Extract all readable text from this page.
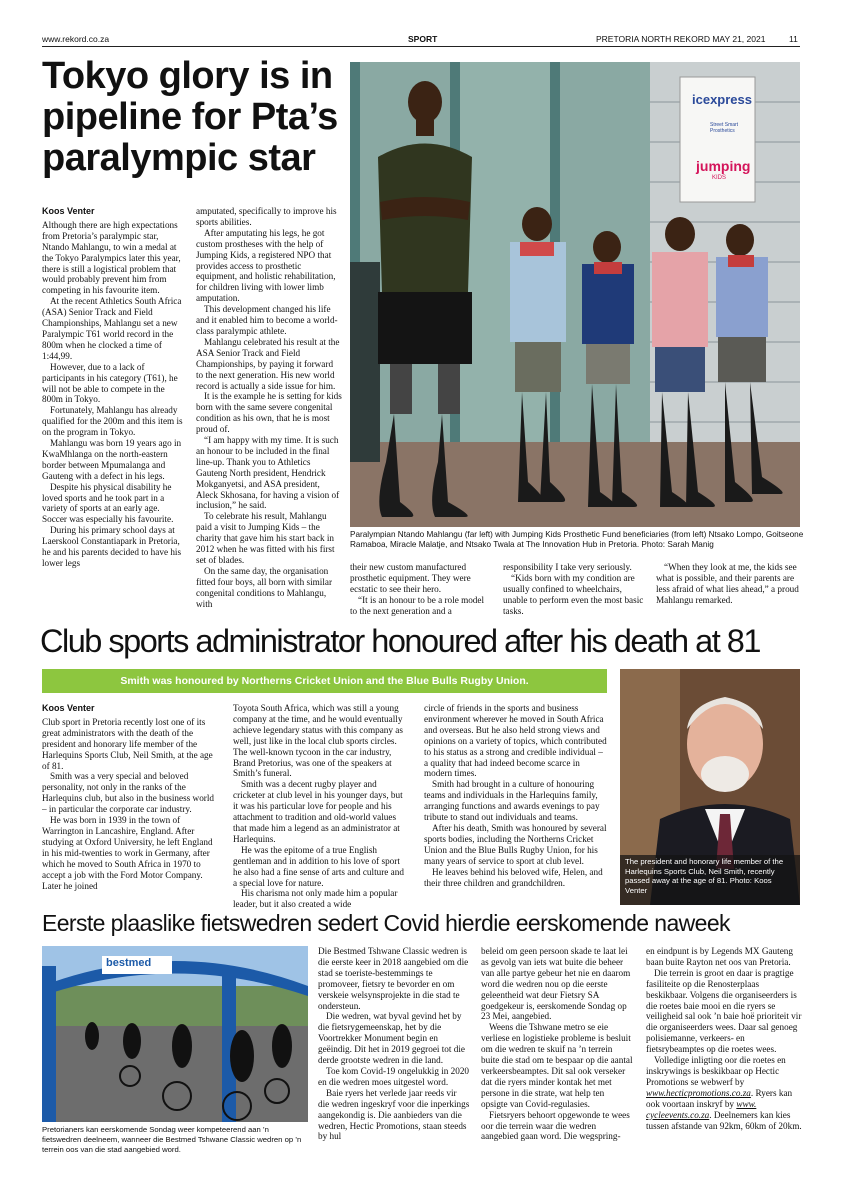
www.rekord.co.za	SPORT	PRETORIA NORTH REKORD MAY 21, 2021	11
Tokyo glory is in pipeline for Pta’s paralympic star
Koos Venter

Although there are high expectations from Pretoria’s paralympic star, Ntando Mahlangu, to win a medal at the Tokyo Paralympics later this year, there is still a logistical problem that would probably prevent him from competing in his favourite item.

At the recent Athletics South Africa (ASA) Senior Track and Field Championships, Mahlangu set a new Paralympic T61 world record in the 800m when he clocked a time of 1:44,99.

However, due to a lack of participants in his category (T61), he will not be able to compete in the 800m in Tokyo.

Fortunately, Mahlangu has already qualified for the 200m and this item is on the program in Tokyo.

Mahlangu was born 19 years ago in KwaMhlanga on the north-eastern border between Mpumalanga and Gauteng with a defect in his legs.

Despite his physical disability he loved sports and he took part in a variety of sports at an early age. Soccer was especially his favourite.

During his primary school days at Laerskool Constantiapark in Pretoria, he and his parents decided to have his lower legs

amputated, specifically to improve his sports abilities.

After amputating his legs, he got custom prostheses with the help of Jumping Kids, a registered NPO that provides access to prosthetic equipment, and holistic rehabilitation, for children living with lower limb amputation.

This development changed his life and it enabled him to become a world-class paralympic athlete.

Mahlangu celebrated his result at the ASA Senior Track and Field Championships, by paying it forward to the next generation. His new world record is actually a side issue for him.

It is the example he is setting for kids born with the same severe congenital condition as his own, that he is most proud of.

“I am happy with my time. It is such an honour to be included in the final line-up. Thank you to Athletics Gauteng North president, Hendrick Mokganyetsi, and ASA president, Aleck Skhosana, for having a vision of inclusion,” he said.

To celebrate his result, Mahlangu paid a visit to Jumping Kids – the charity that gave him his start back in 2012 when he was fitted with his first set of blades.

On the same day, the organisation fitted four boys, all born with similar congenital conditions to Mahlangu, with

icexpress
Street Smart
Prosthetics
jumping
KIDS
Paralympian Ntando Mahlangu (far left) with Jumping Kids Prosthetic Fund beneficiaries (from left) Ntsako Lompo, Goitseone Ramaboa, Miracle Malatje, and Ntsako Twala at The Innovation Hub in Pretoria. Photo: Sarah Manig

their new custom manufactured prosthetic equipment. They were ecstatic to see their hero.

“It is an honour to be a role model to the next generation and a

responsibility I take very seriously.

“Kids born with my condition are usually confined to wheelchairs, unable to perform even the most basic tasks.

“When they look at me, the kids see what is possible, and their parents are less afraid of what lies ahead,” a proud Mahlangu remarked.

Club sports administrator honoured after his death at 81
Smith was honoured by Northerns Cricket Union and the Blue Bulls Rugby Union.
Koos Venter

Club sport in Pretoria recently lost one of its great administrators with the death of the president and honorary life member of the Harlequins Sports Club, Neil Smith, at the age of 81.

Smith was a very special and beloved personality, not only in the ranks of the Harlequins club, but also in the business world – in particular the corporate car industry.

He was born in 1939 in the town of Warrington in Lancashire, England. After studying at Oxford University, he left England in his mid-twenties to work in Germany, after which he moved to South Africa in 1970 to accept a job with the Ford Motor Company. Later he joined

Toyota South Africa, which was still a young company at the time, and he would eventually achieve legendary status with this company as well, just like in the local club sports circles. The well-known tycoon in the car industry, Brand Pretorius, was one of the speakers at Smith’s funeral.

Smith was a decent rugby player and cricketer at club level in his younger days, but it was his particular love for people and his attachment to tradition and old-world values that made him a legend as an administrator at Harlequins.

He was the epitome of a true English gentleman and in addition to his love of sport he also had a fine sense of arts and culture and a special love for nature.

His charisma not only made him a popular leader, but it also created a wide

circle of friends in the sports and business environment wherever he moved in South Africa and overseas. But he also held strong views and opinions on a variety of topics, which contributed to his status as a strong and credible individual – a quality that had indeed become scarce in modern times.

Smith had brought in a culture of honouring teams and individuals in the Harlequins family, arranging functions and awards evenings to pay tribute to stand out individuals and teams.

After his death, Smith was honoured by several sports bodies, including the Northerns Cricket Union and the Blue Bulls Rugby Union, for his many years of service to sport at club level.

He leaves behind his beloved wife, Helen, and their three children and grandchildren.

The president and honorary life member of the Harlequins Sports Club, Neil Smith, recently passed away at the age of 81. Photo: Koos Venter
Eerste plaaslike fietswedren sedert Covid hierdie eerskomende naweek
bestmed
Pretorianers kan eerskomende Sondag weer kompeteerend aan ’n fietswedren deelneem, wanneer die Bestmed Tshwane Classic wedren op ’n terrein oos van die stad aangebied word.

Die Bestmed Tshwane Classic wedren is die eerste keer in 2018 aangebied om die stad se toeriste-bestemmings te promoveer, fietsry te bevorder en om verskeie welsynsprojekte in die stad te ondersteun.

Die wedren, wat byval gevind het by die fietsrygemeenskap, het by die Voortrekker Monument begin en geëindig. Dit het in 2019 gegroei tot die derde grootste wedren in die land.

Toe kom Covid-19 ongelukkig in 2020 en die wedren moes uitgestel word.

Baie ryers het verlede jaar reeds vir die wedren ingeskryf voor die inperkings aangekondig is. Die aanbieders van die wedren, Hectic Promotions, staan steeds by hul

beleid om geen persoon skade te laat lei as gevolg van iets wat buite die beheer van alle partye gebeur het nie en daarom word die wedren nou op die eerste geleentheid wat deur Fietsry SA goedgekeur is, eerskomende Sondag op 23 Mei, aangebied.

Weens die Tshwane metro se eie verliese en logistieke probleme is besluit om die wedren te skuif na ’n terrein buite die stad om te bespaar op die aantal verkeersbeamptes. Dit sal ook verseker dat die ryers minder kontak het met persone in die strate, wat help ten opsigte van Covid-regulasies.

Fietsryers behoort opgewonde te wees oor die terrein waar die wedren aangebied gaan word. Die wegspring-

en eindpunt is by Legends MX Gauteng baan buite Rayton net oos van Pretoria.

Die terrein is groot en daar is pragtige fasiliteite op die Renosterplaas beskikbaar. Volgens die organiseerders is die roetes baie mooi en die ryers se veiligheid sal ook ’n baie hoë prioriteit vir die organiseerders wees. Daar sal genoeg polisiemanne, verkeers- en fietsrybeamptes op die roetes wees.

Volledige inligting oor die roetes en inskrywings is beskikbaar op Hectic Promotions se webwerf by www.hecticpromotions.co.za. Ryers kan ook voortaan inskryf by www. cycleevents.co.za. Deelnemers kan kies tussen afstande van 92km, 60km of 20km.
